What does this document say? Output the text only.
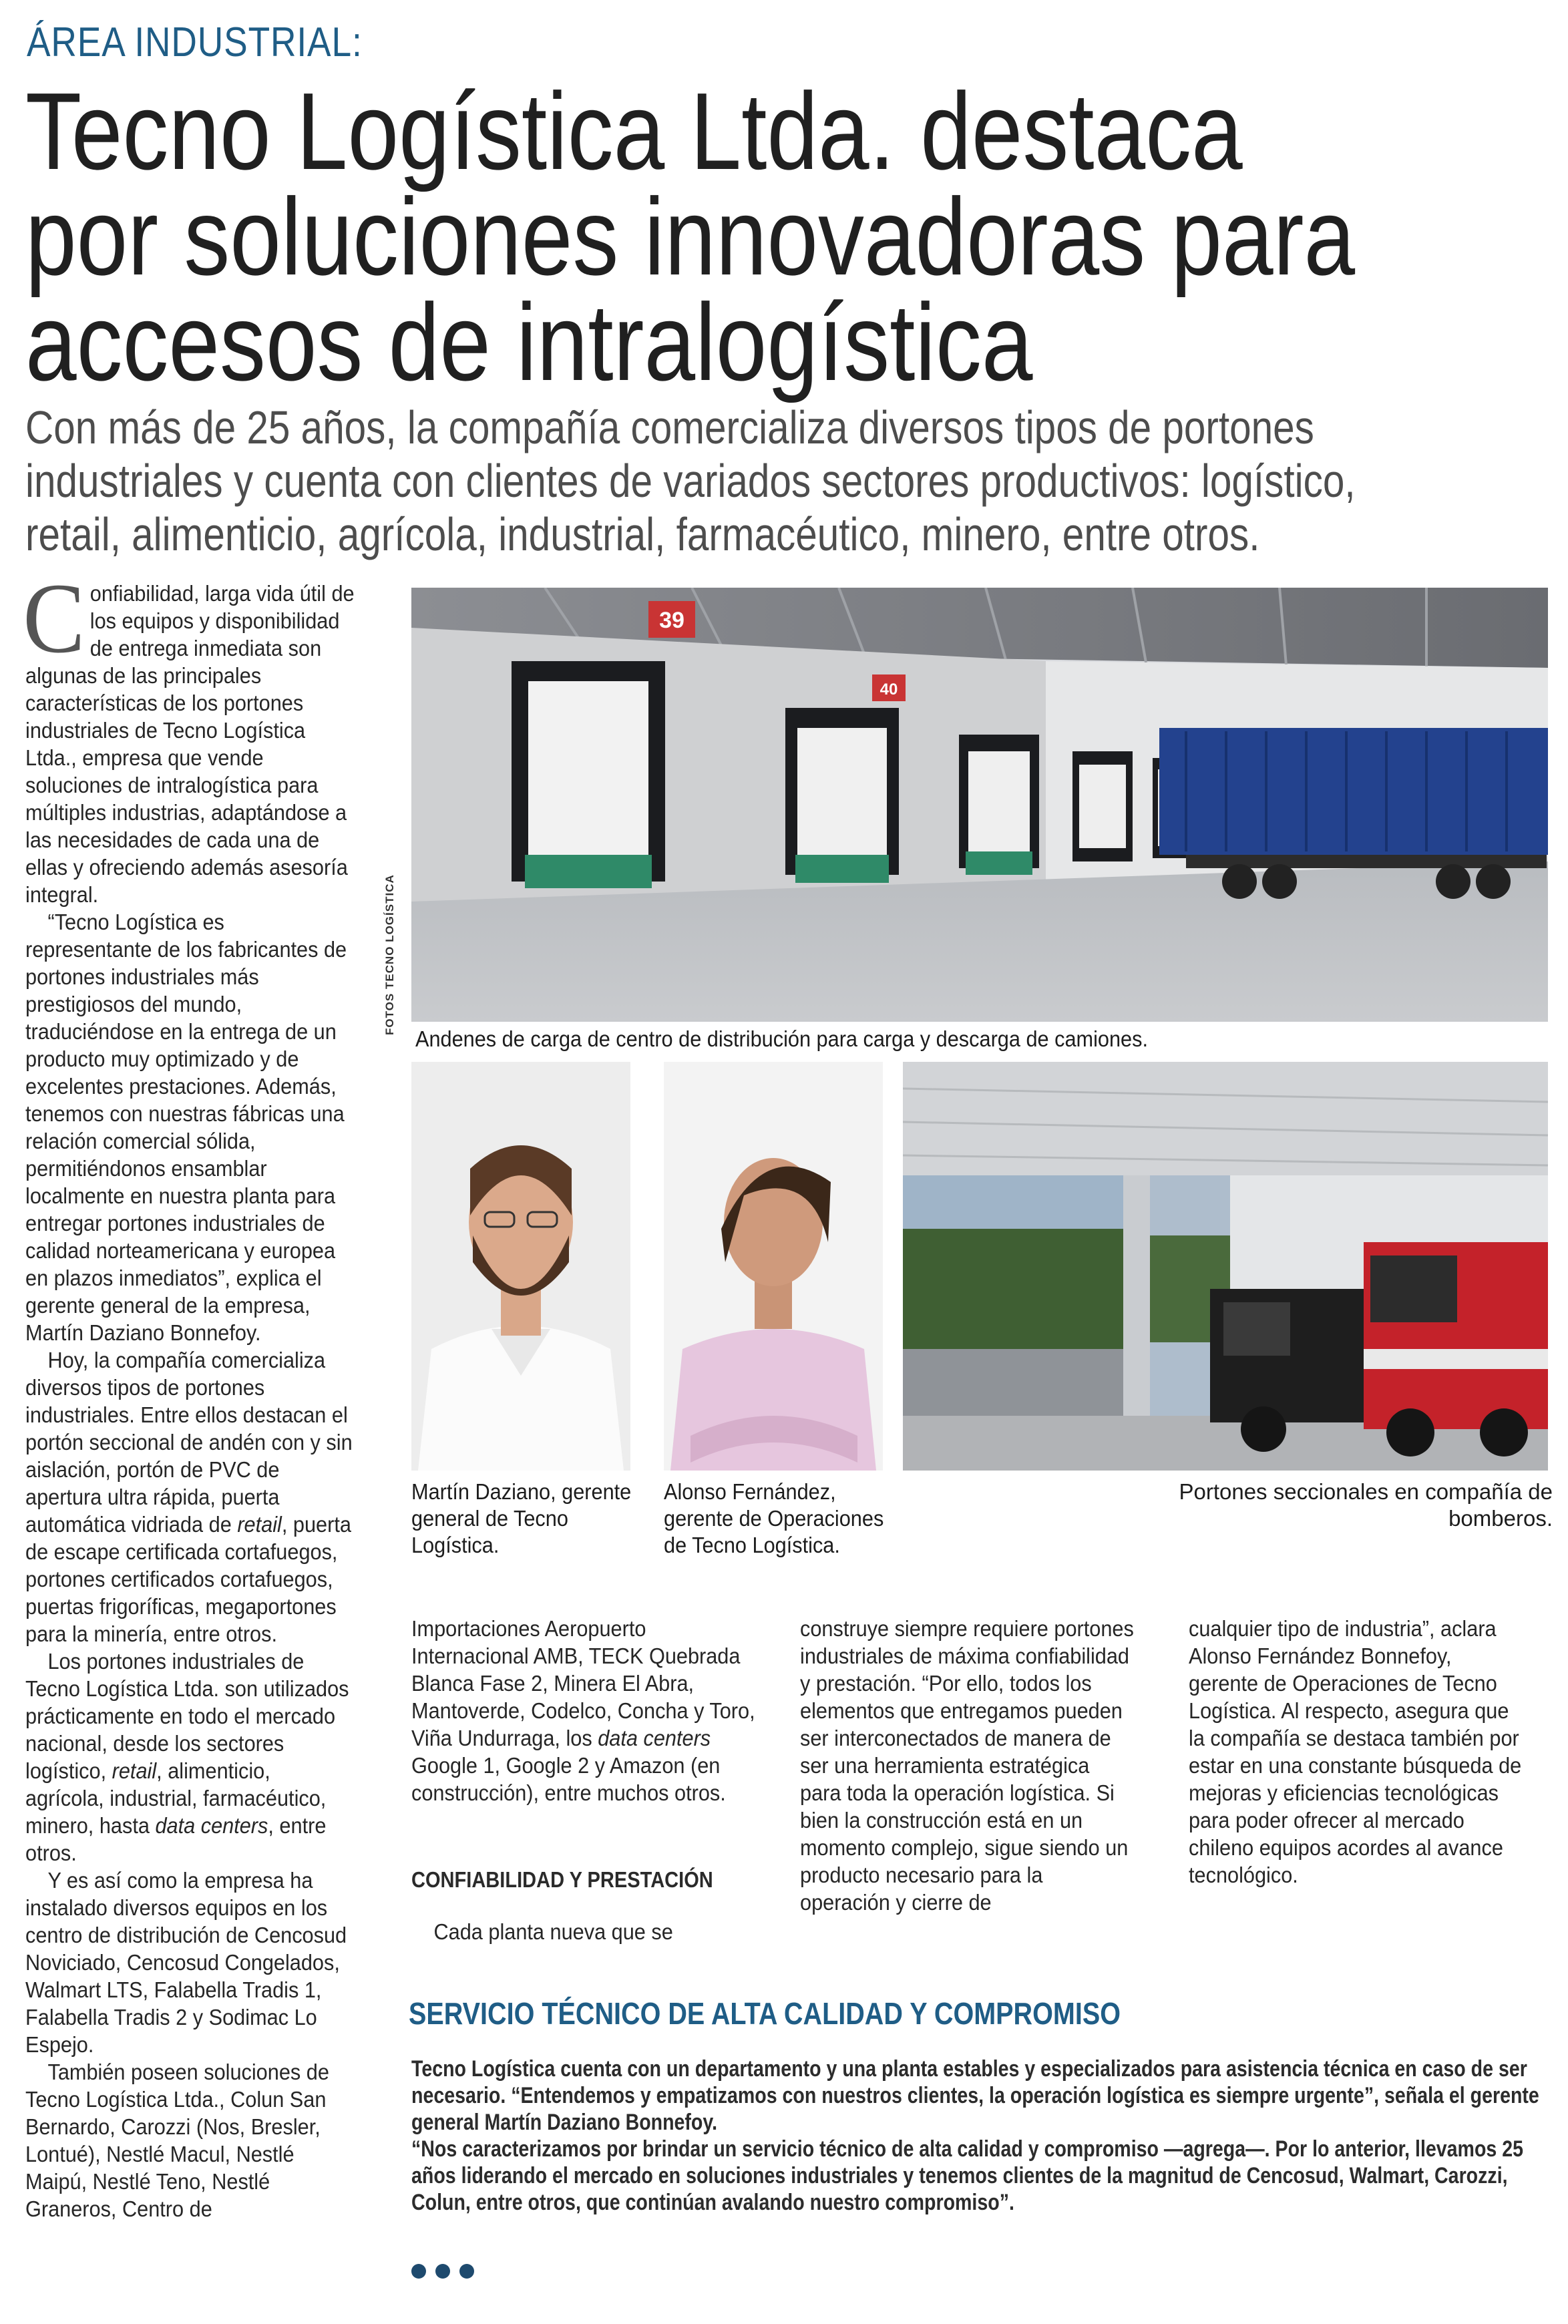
ÁREA INDUSTRIAL:
Tecno Logística Ltda. destaca
por soluciones innovadoras para
accesos de intralogística
Con más de 25 años, la compañía comercializa diversos tipos de portones
industriales y cuenta con clientes de variados sectores productivos: logístico,
retail, alimenticio, agrícola, industrial, farmacéutico, minero, entre otros.

Confiabilidad, larga vida útil de los equipos y disponibilidad de entrega inmediata son algunas de las principales características de los portones industriales de Tecno Logística Ltda., empresa que vende soluciones de intralogística para múltiples industrias, adaptándose a las necesidades de cada una de ellas y ofreciendo además asesoría integral.

“Tecno Logística es representante de los fabricantes de portones industriales más prestigiosos del mundo, traduciéndose en la entrega de un producto muy optimizado y de excelentes prestaciones. Además, tenemos con nuestras fábricas una relación comercial sólida, permitiéndonos ensamblar localmente en nuestra planta para entregar portones industriales de calidad norteamericana y europea en plazos inmediatos”, explica el gerente general de la empresa, Martín Daziano Bonnefoy.

Hoy, la compañía comercializa diversos tipos de portones industriales. Entre ellos destacan el portón seccional de andén con y sin aislación, portón de PVC de apertura ultra rápida, puerta automática vidriada de retail, puerta de escape certificada cortafuegos, portones certificados cortafuegos, puertas frigoríficas, megaportones para la minería, entre otros.

Los portones industriales de Tecno Logística Ltda. son utilizados prácticamente en todo el mercado nacional, desde los sectores logístico, retail, alimenticio, agrícola, industrial, farmacéutico, minero, hasta data centers, entre otros.

Y es así como la empresa ha instalado diversos equipos en los centro de distribución de Cencosud Noviciado, Cencosud Congelados, Walmart LTS, Falabella Tradis 1, Falabella Tradis 2 y Sodimac Lo Espejo.

También poseen soluciones de Tecno Logística Ltda., Colun San Bernardo, Carozzi (Nos, Bresler, Lontué), Nestlé Macul, Nestlé Maipú, Nestlé Teno, Nestlé Graneros, Centro de

FOTOS TECNO LOGÍSTICA
39
40
Andenes de carga de centro de distribución para carga y descarga de camiones.
Martín Daziano, gerente general de Tecno Logística.
Alonso Fernández, gerente de Operaciones de Tecno Logística.
Portones seccionales en compañía de bomberos.

Importaciones Aeropuerto Internacional AMB, TECK Quebrada Blanca Fase 2, Minera El Abra, Mantoverde, Codelco, Concha y Toro, Viña Undurraga, los data centers Google 1, Google 2 y Amazon (en construcción), entre muchos otros.

CONFIABILIDAD Y PRESTACIÓN

Cada planta nueva que se

construye siempre requiere portones industriales de máxima confiabilidad y prestación. “Por ello, todos los elementos que entregamos pueden ser interconectados de manera de ser una herramienta estratégica para toda la operación logística. Si bien la construcción está en un momento complejo, sigue siendo un producto necesario para la operación y cierre de

cualquier tipo de industria”, aclara Alonso Fernández Bonnefoy, gerente de Operaciones de Tecno Logística. Al respecto, asegura que la compañía se destaca también por estar en una constante búsqueda de mejoras y eficiencias tecnológicas para poder ofrecer al mercado chileno equipos acordes al avance tecnológico.

SERVICIO TÉCNICO DE ALTA CALIDAD Y COMPROMISO

Tecno Logística cuenta con un departamento y una planta estables y especializados para asistencia técnica en caso de ser necesario. “Entendemos y empatizamos con nuestros clientes, la operación logística es siempre urgente”, señala el gerente general Martín Daziano Bonnefoy.

“Nos caracterizamos por brindar un servicio técnico de alta calidad y compromiso —agrega—. Por lo anterior, llevamos 25 años liderando el mercado en soluciones industriales y tenemos clientes de la magnitud de Cencosud, Walmart, Carozzi, Colun, entre otros, que continúan avalando nuestro compromiso”.
